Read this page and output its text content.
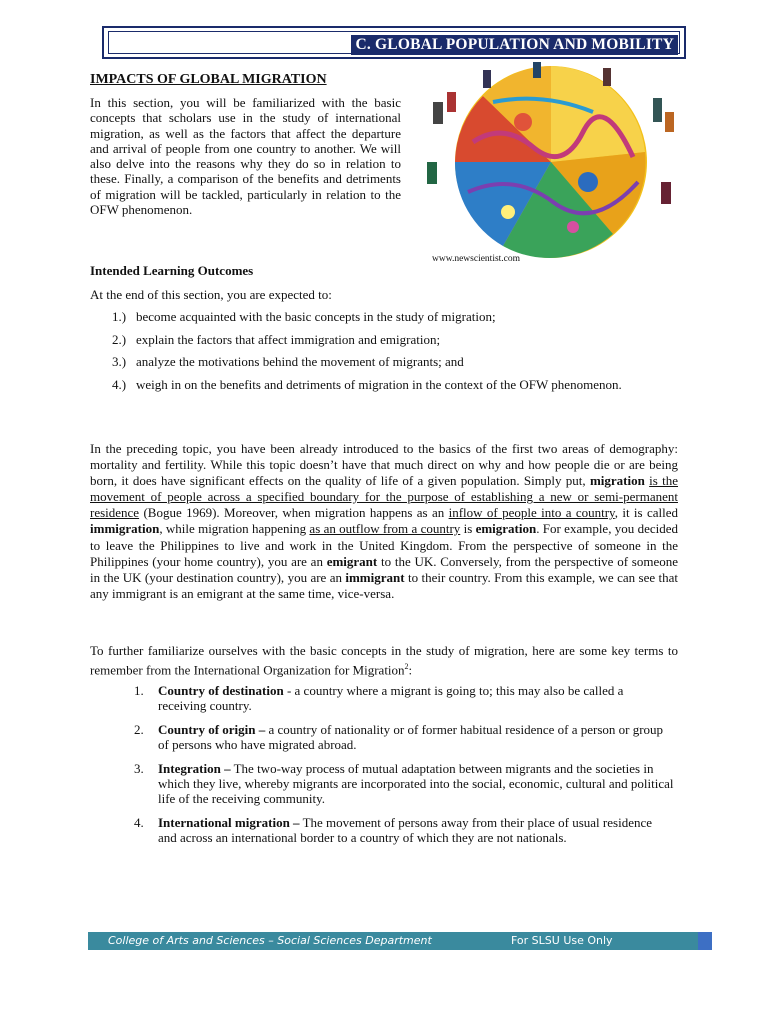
C. GLOBAL POPULATION AND MOBILITY
IMPACTS OF GLOBAL MIGRATION

In this section, you will be familiarized with the basic concepts that scholars use in the study of international migration, as well as the factors that affect the departure and arrival of people from one country to another. We will also delve into the reasons why they do so in relation to these. Finally, a comparison of the benefits and detriments of migration will be tackled, particularly in relation to the OFW phenomenon.

www.newscientist.com
Intended Learning Outcomes
At the end of this section, you are expected to:
1.) become acquainted with the basic concepts in the study of migration;
2.) explain the factors that affect immigration and emigration;
3.) analyze the motivations behind the movement of migrants; and
4.) weigh in on the benefits and detriments of migration in the context of the OFW phenomenon.

In the preceding topic, you have been already introduced to the basics of the first two areas of demography: mortality and fertility. While this topic doesn’t have that much direct on why and how people die or are being born, it does have significant effects on the quality of life of a given population. Simply put, migration is the movement of people across a specified boundary for the purpose of establishing a new or semi-permanent residence (Bogue 1969). Moreover, when migration happens as an inflow of people into a country, it is called immigration, while migration happening as an outflow from a country is emigration. For example, you decided to leave the Philippines to live and work in the United Kingdom. From the perspective of someone in the Philippines (your home country), you are an emigrant to the UK. Conversely, from the perspective of someone in the UK (your destination country), you are an immigrant to their country. From this example, we can see that any immigrant is an emigrant at the same time, vice-versa.

To further familiarize ourselves with the basic concepts in the study of migration, here are some key terms to remember from the International Organization for Migration$^2$:

1. Country of destination - a country where a migrant is going to; this may also be called a receiving country.
2. Country of origin – a country of nationality or of former habitual residence of a person or group of persons who have migrated abroad.
3. Integration – The two-way process of mutual adaptation between migrants and the societies in which they live, whereby migrants are incorporated into the social, economic, cultural and political life of the receiving community.
4. International migration – The movement of persons away from their place of usual residence and across an international border to a country of which they are not nationals.
College of Arts and Sciences – Social Sciences Department	For SLSU Use Only
